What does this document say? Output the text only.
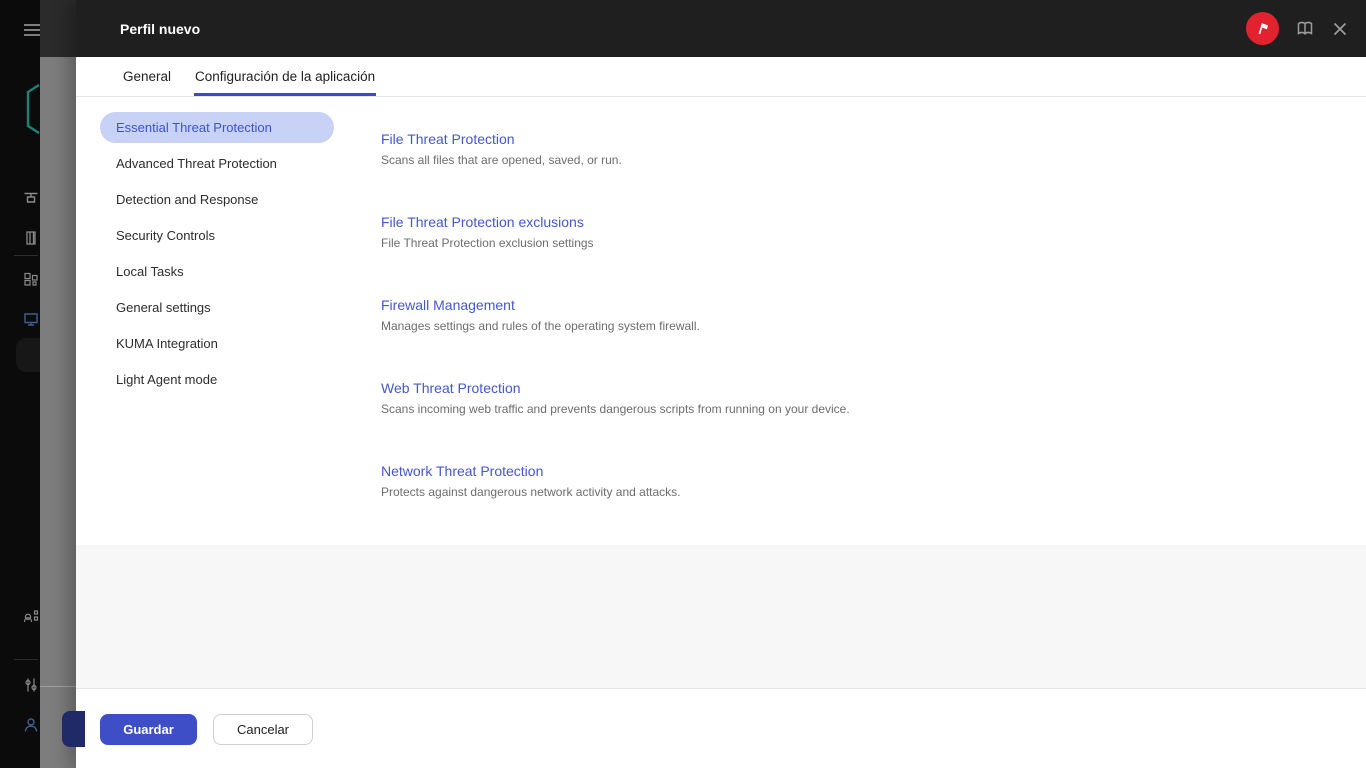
Perfil nuevo
General Configuración de la aplicación
Essential Threat Protection
Advanced Threat Protection
Detection and Response
Security Controls
Local Tasks
General settings
KUMA Integration
Light Agent mode
File Threat Protection
Scans all files that are opened, saved, or run.
File Threat Protection exclusions
File Threat Protection exclusion settings
Firewall Management
Manages settings and rules of the operating system firewall.
Web Threat Protection
Scans incoming web traffic and prevents dangerous scripts from running on your device.
Network Threat Protection
Protects against dangerous network activity and attacks.
Guardar	Cancelar
